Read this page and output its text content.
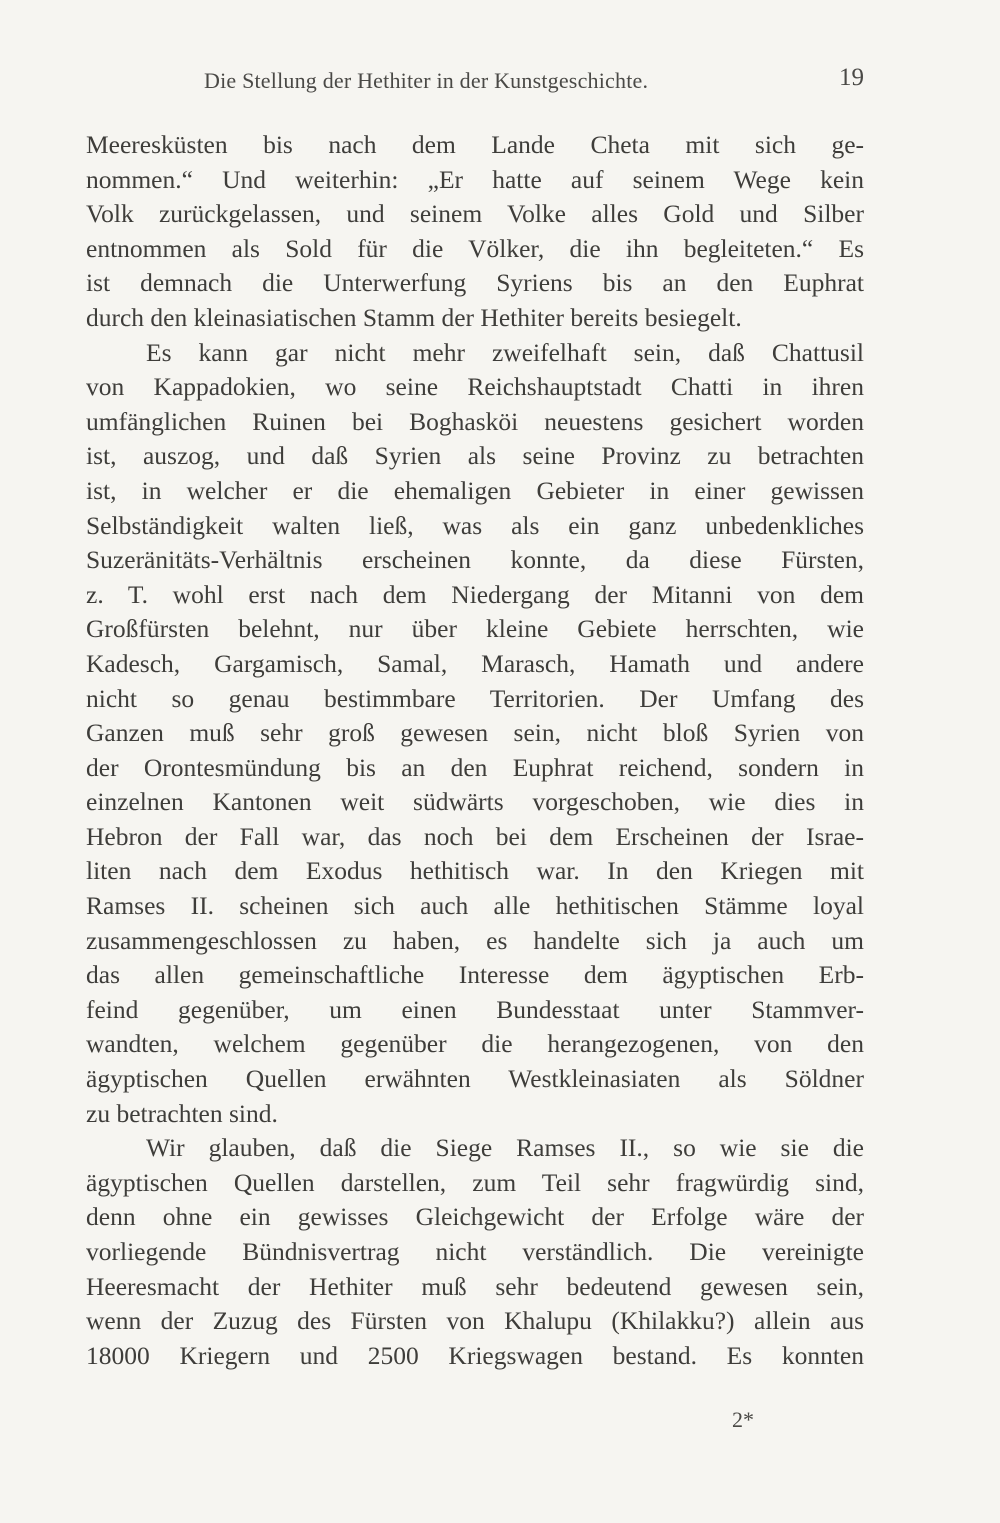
Die Stellung der Hethiter in der Kunstgeschichte.	19
Meeresküsten bis nach dem Lande Cheta mit sich ge-
nommen.“ Und weiterhin: „Er hatte auf seinem Wege kein
Volk zurückgelassen, und seinem Volke alles Gold und Silber
entnommen als Sold für die Völker, die ihn begleiteten.“ Es
ist demnach die Unterwerfung Syriens bis an den Euphrat
durch den kleinasiatischen Stamm der Hethiter bereits besiegelt.
Es kann gar nicht mehr zweifelhaft sein, daß Chattusil
von Kappadokien, wo seine Reichshauptstadt Chatti in ihren
umfänglichen Ruinen bei Boghasköi neuestens gesichert worden
ist, auszog, und daß Syrien als seine Provinz zu betrachten
ist, in welcher er die ehemaligen Gebieter in einer gewissen
Selbständigkeit walten ließ, was als ein ganz unbedenkliches
Suzeränitäts-Verhältnis erscheinen konnte, da diese Fürsten,
z. T. wohl erst nach dem Niedergang der Mitanni von dem
Großfürsten belehnt, nur über kleine Gebiete herrschten, wie
Kadesch, Gargamisch, Samal, Marasch, Hamath und andere
nicht so genau bestimmbare Territorien. Der Umfang des
Ganzen muß sehr groß gewesen sein, nicht bloß Syrien von
der Orontesmündung bis an den Euphrat reichend, sondern in
einzelnen Kantonen weit südwärts vorgeschoben, wie dies in
Hebron der Fall war, das noch bei dem Erscheinen der Israe-
liten nach dem Exodus hethitisch war. In den Kriegen mit
Ramses II. scheinen sich auch alle hethitischen Stämme loyal
zusammengeschlossen zu haben, es handelte sich ja auch um
das allen gemeinschaftliche Interesse dem ägyptischen Erb-
feind gegenüber, um einen Bundesstaat unter Stammver-
wandten, welchem gegenüber die herangezogenen, von den
ägyptischen Quellen erwähnten Westkleinasiaten als Söldner
zu betrachten sind.
Wir glauben, daß die Siege Ramses II., so wie sie die
ägyptischen Quellen darstellen, zum Teil sehr fragwürdig sind,
denn ohne ein gewisses Gleichgewicht der Erfolge wäre der
vorliegende Bündnisvertrag nicht verständlich. Die vereinigte
Heeresmacht der Hethiter muß sehr bedeutend gewesen sein,
wenn der Zuzug des Fürsten von Khalupu (Khilakku?) allein aus
18000 Kriegern und 2500 Kriegswagen bestand. Es konnten
2*
